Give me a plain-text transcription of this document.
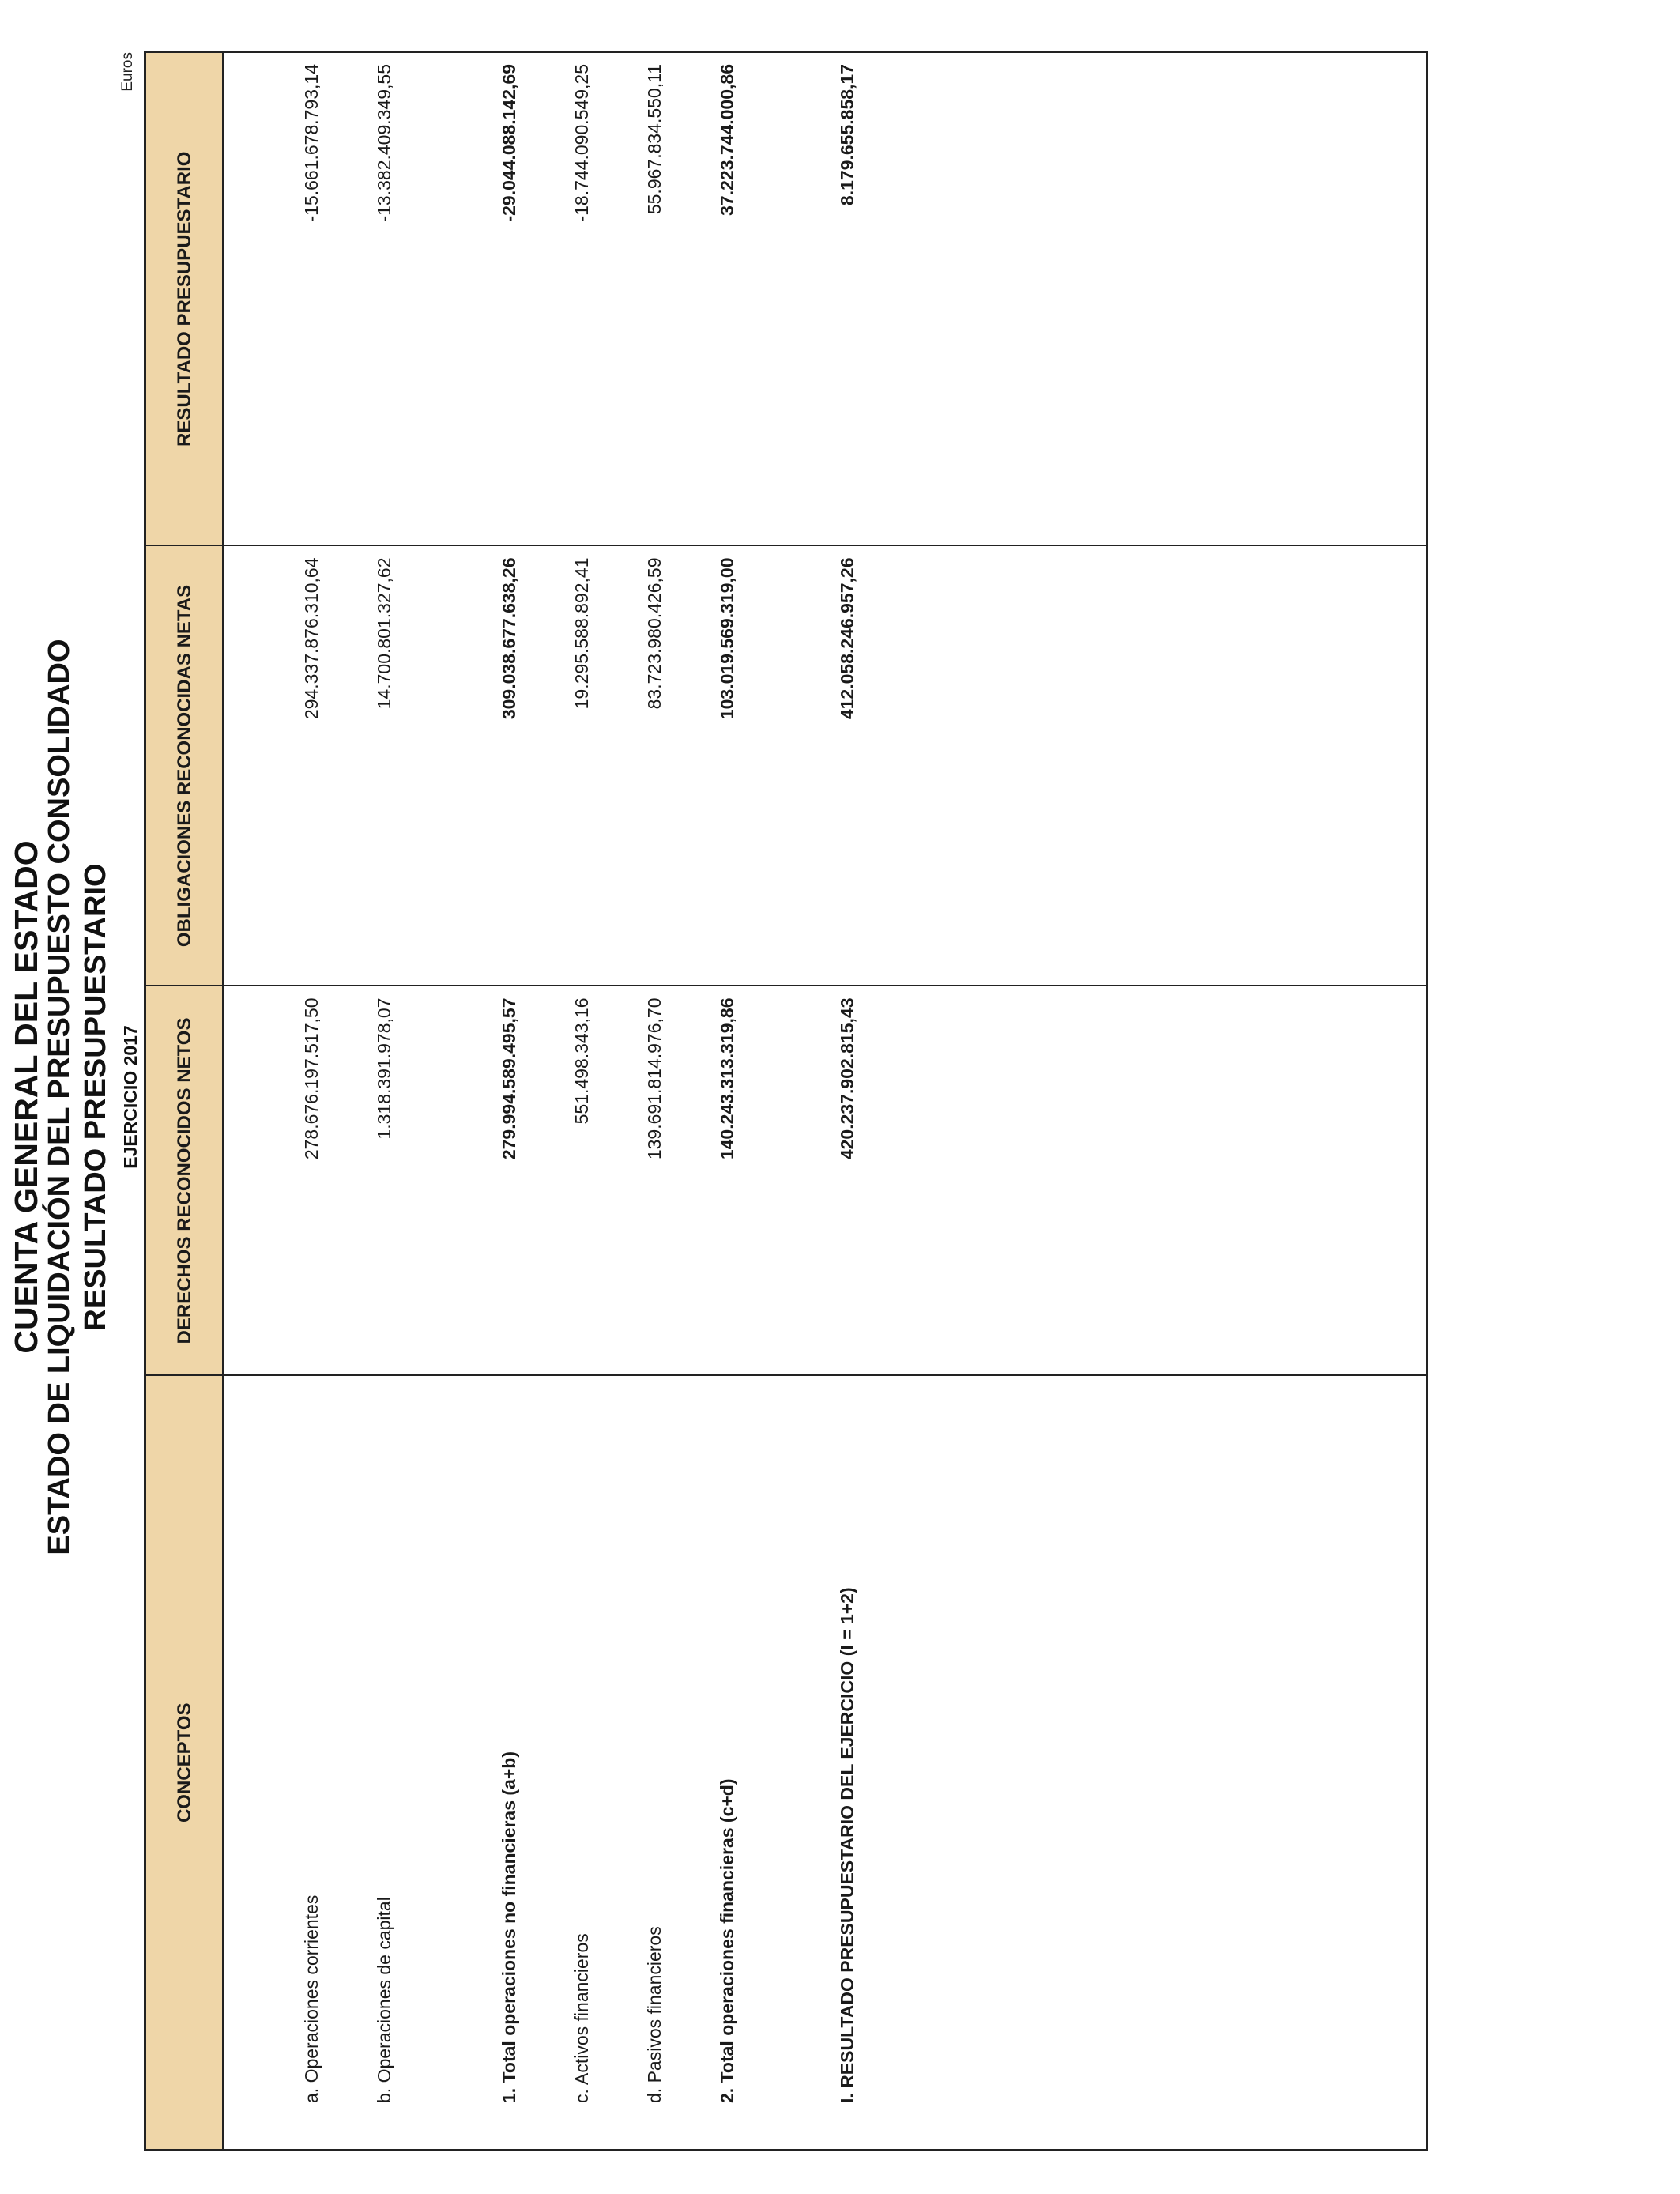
CUENTA GENERAL DEL ESTADO
ESTADO DE LIQUIDACIÓN DEL PRESUPUESTO CONSOLIDADO RESULTADO PRESUPUESTARIO EJERCICIO 2017
Euros
CONCEPTOS	DERECHOS RECONOCIDOS NETOS	OBLIGACIONES RECONOCIDAS NETAS	RESULTADO PRESUPUESTARIO

a. Operaciones corrientes	278.676.197.517,50	294.337.876.310,64	-15.661.678.793,14
b. Operaciones de capital	1.318.391.978,07	14.700.801.327,62	-13.382.409.349,55

1. Total operaciones no financieras (a+b)	279.994.589.495,57	309.038.677.638,26	-29.044.088.142,69
c. Activos financieros	551.498.343,16	19.295.588.892,41	-18.744.090.549,25
d. Pasivos financieros	139.691.814.976,70	83.723.980.426,59	55.967.834.550,11
2. Total operaciones financieras (c+d)	140.243.313.319,86	103.019.569.319,00	37.223.744.000,86

I. RESULTADO PRESUPUESTARIO DEL EJERCICIO (I = 1+2)	420.237.902.815,43	412.058.246.957,26	8.179.655.858,17
